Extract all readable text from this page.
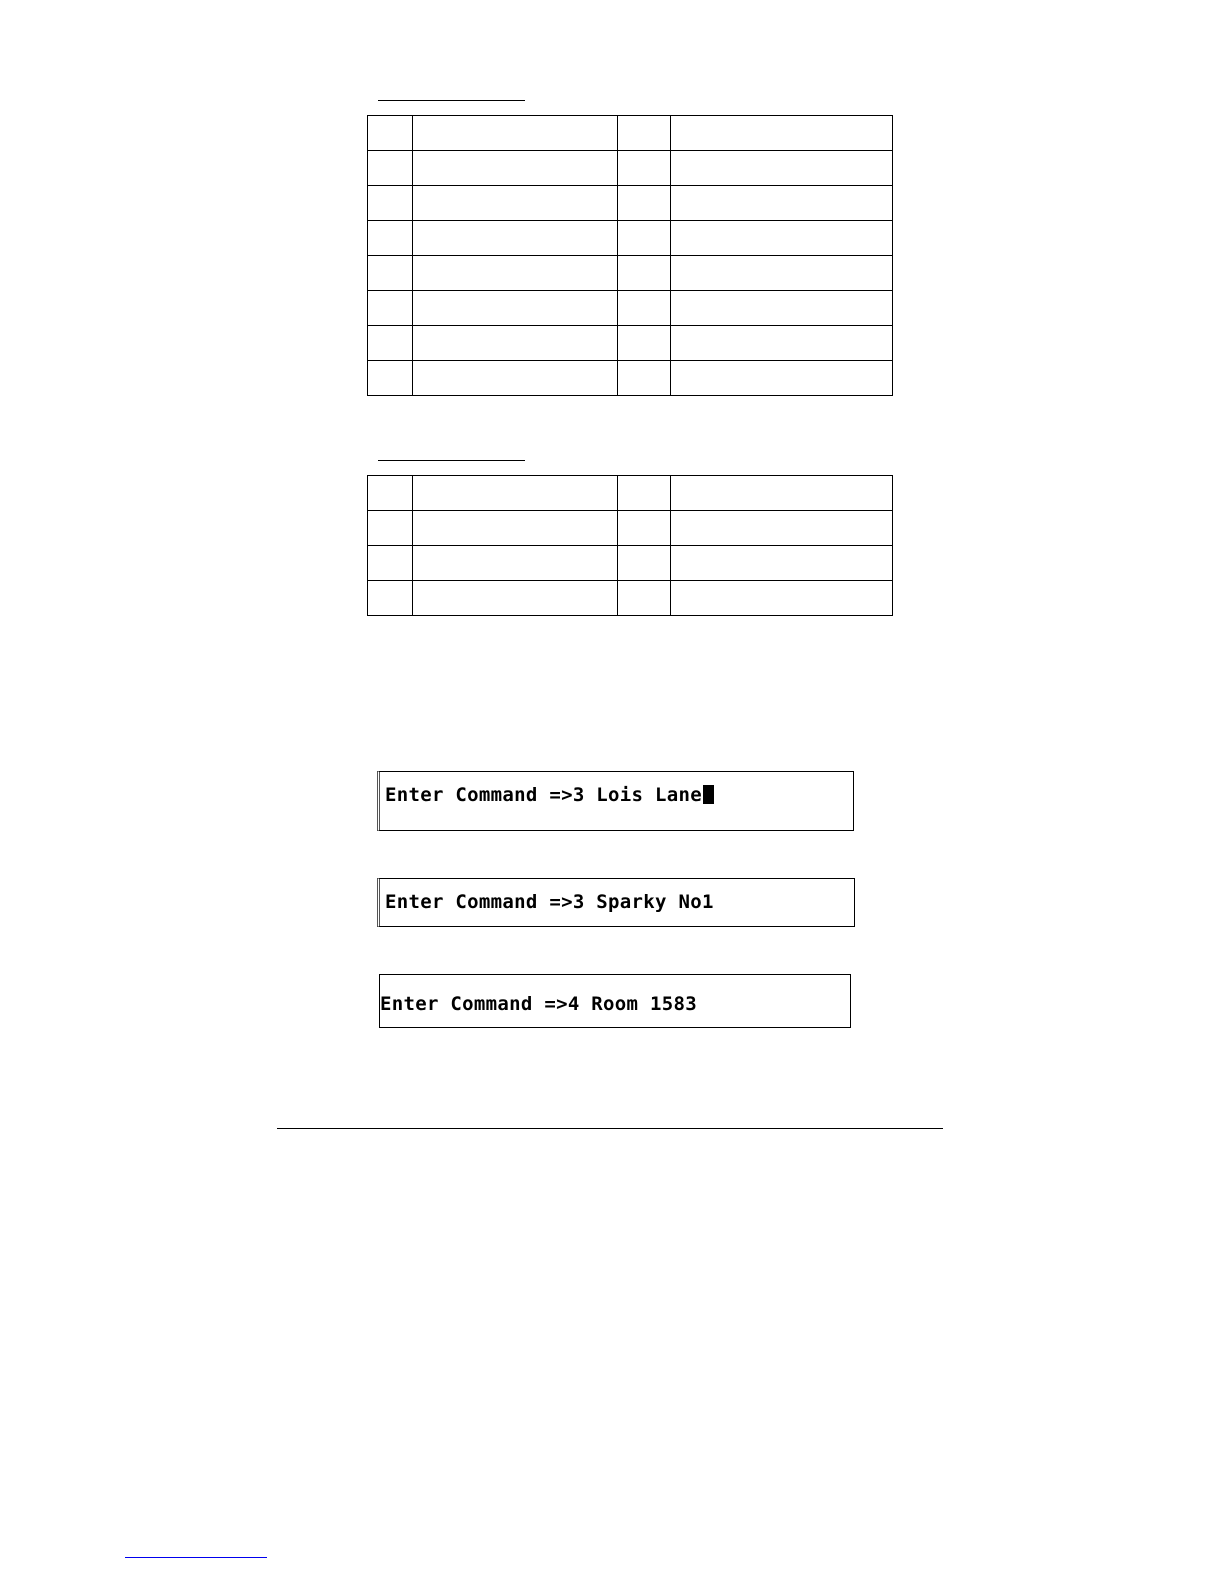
Enter Command =>3 Lois Lane

Enter Command =>3 Sparky No1

Enter Command =>4 Room 1583
